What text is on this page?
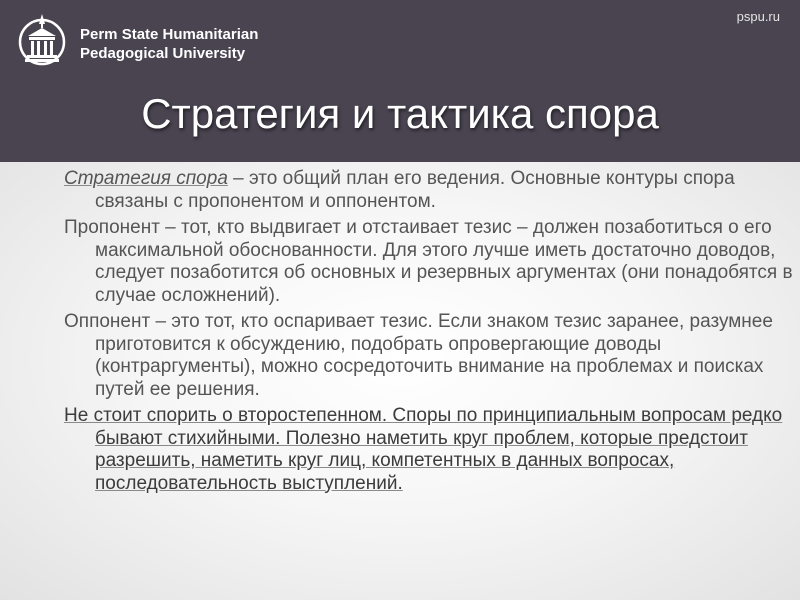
Perm State Humanitarian
Pedagogical University
pspu.ru
Стратегия и тактика спора

Стратегия спора – это общий план его ведения. Основные контуры спора связаны с пропонентом и оппонентом.

Пропонент – тот, кто выдвигает и отстаивает тезис – должен позаботиться о его максимальной обоснованности. Для этого лучше иметь достаточно доводов, следует позаботится об основных и резервных аргументах (они понадобятся в случае осложнений).

Оппонент – это тот, кто оспаривает тезис. Если знаком тезис заранее, разумнее приготовится к обсуждению, подобрать опровергающие доводы (контраргументы), можно сосредоточить внимание на проблемах и поисках путей ее решения.

Не стоит спорить о второстепенном. Споры по принципиальным вопросам редко бывают стихийными. Полезно наметить круг проблем, которые предстоит разрешить, наметить круг лиц, компетентных в данных вопросах, последовательность выступлений.
